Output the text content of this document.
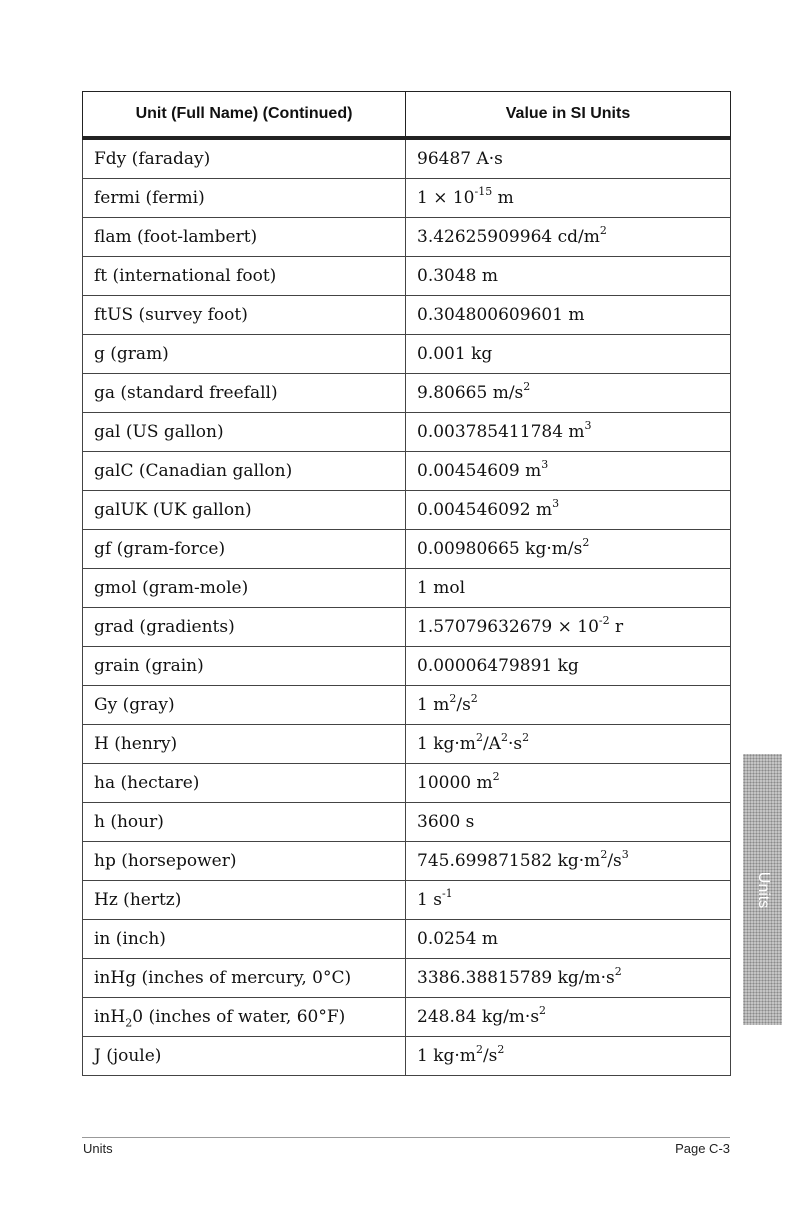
Unit (Full Name) (Continued)	Value in SI Units
Fdy (faraday)	96487 A·s
fermi (fermi)	$1 \times 10^{-15}$ m
flam (foot-lambert)	3.42625909964 $cd/m^2$
ft (international foot)	0.3048 m
ftUS (survey foot)	0.304800609601 m
g (gram)	0.001 kg
ga (standard freefall)	9.80665 $m/s^2$
gal (US gallon)	0.003785411784 $m^3$
galC (Canadian gallon)	0.00454609 $m^3$
galUK (UK gallon)	0.004546092 $m^3$
gf (gram-force)	0.00980665 $kg\cdot m/s^2$
gmol (gram-mole)	1 mol
grad (gradients)	$1.57079632679 \times 10^{-2}$ r
grain (grain)	0.00006479891 kg
Gy (gray)	1 $m^2/s^2$
H (henry)	1 $kg\cdot m^2/A^2\cdot s^2$
ha (hectare)	10000 $m^2$
h (hour)	3600 s
hp (horsepower)	745.699871582 $kg\cdot m^2/s^3$
Hz (hertz)	1 $s^{-1}$
in (inch)	0.0254 m
inHg (inches of mercury, 0°C)	3386.38815789 $kg/m\cdot s^2$
inH$_2$0 (inches of water, 60°F)	248.84 $kg/m\cdot s^2$
J (joule)	1 $kg\cdot m^2/s^2$
Units
Units	Page C-3
